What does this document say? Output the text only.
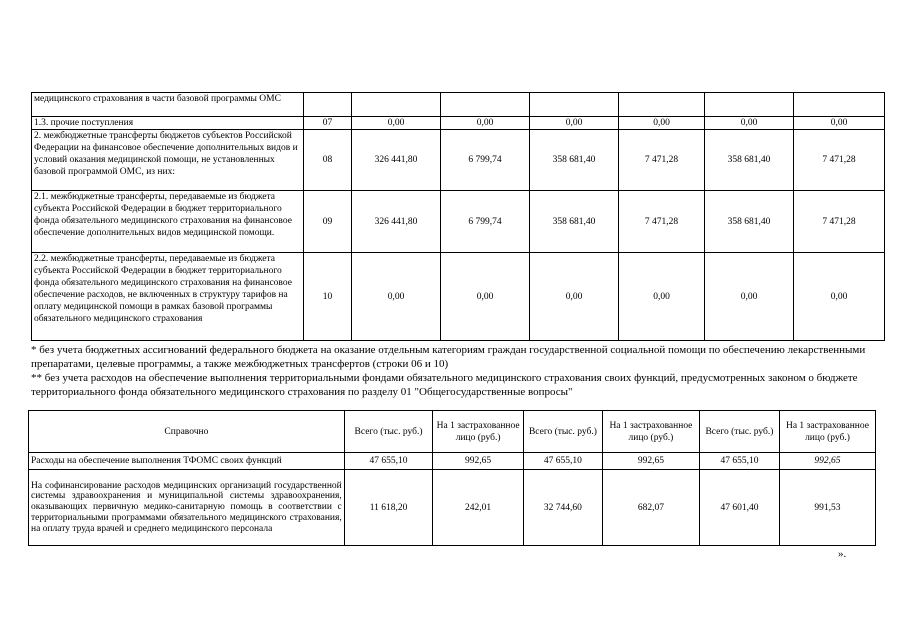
медицинского страхования в части базовой программы ОМС							
1.3. прочие поступления	07	0,00	0,00	0,00	0,00	0,00	0,00
2. межбюджетные трансферты бюджетов субъектов Российской Федерации на финансовое обеспечение дополнительных видов и условий оказания медицинской помощи, не установленных базовой программой ОМС, из них:	08	326 441,80	6 799,74	358 681,40	7 471,28	358 681,40	7 471,28
2.1. межбюджетные трансферты, передаваемые из бюджета субъекта Российской Федерации в бюджет территориального фонда обязательного медицинского страхования на финансовое обеспечение дополнительных видов медицинской помощи.	09	326 441,80	6 799,74	358 681,40	7 471,28	358 681,40	7 471,28
2.2. межбюджетные трансферты, передаваемые из бюджета субъекта Российской Федерации в бюджет территориального фонда обязательного медицинского страхования на финансовое обеспечение расходов, не включенных в структуру тарифов на оплату медицинской помощи в рамках базовой программы обязательного медицинского страхования	10	0,00	0,00	0,00	0,00	0,00	0,00

* без учета бюджетных ассигнований федерального бюджета на оказание отдельным категориям граждан государственной социальной помощи по обеспечению лекарственными препаратами, целевые программы, а также межбюджетных трансфертов (строки 06 и 10)

** без учета расходов на обеспечение выполнения территориальными фондами обязательного медицинского страхования своих функций, предусмотренных законом о бюджете территориального фонда обязательного медицинского страхования по разделу 01 "Общегосударственные вопросы"

Справочно	Всего (тыс. руб.)	На 1 застрахованное лицо (руб.)	Всего (тыс. руб.)	На 1 застрахованное лицо (руб.)	Всего (тыс. руб.)	На 1 застрахованное лицо (руб.)
Расходы на обеспечение выполнения ТФОМС своих функций	47 655,10	992,65	47 655,10	992,65	47 655,10	992,65
На софинансирование расходов медицинских организаций государственной системы здравоохранения и муниципальной системы здравоохранения, оказывающих первичную медико-санитарную помощь в соответствии с территориальными программами обязательного медицинского страхования, на оплату труда врачей и среднего медицинского персонала	11 618,20	242,01	32 744,60	682,07	47 601,40	991,53
».
